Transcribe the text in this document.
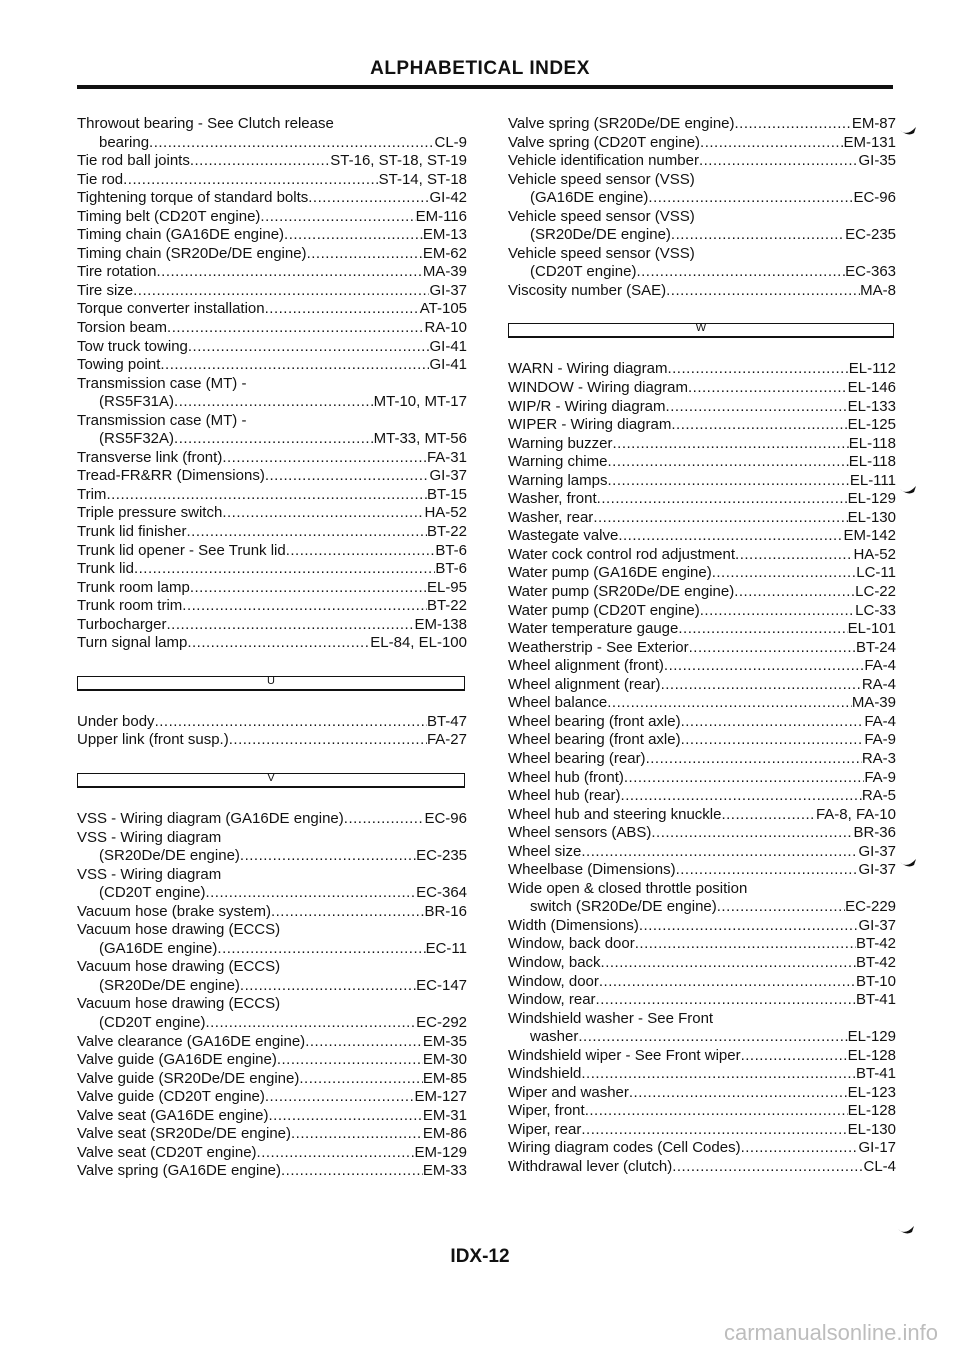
ALPHABETICAL INDEX
Throwout bearing - See Clutch release
bearing .....	CL-9
Tie rod ball joints .....	ST-16, ST-18, ST-19
Tie rod .....	ST-14, ST-18
Tightening torque of standard bolts .....	GI-42
Timing belt (CD20T engine) .....	EM-116
Timing chain (GA16DE engine) .....	EM-13
Timing chain (SR20De/DE engine) .....	EM-62
Tire rotation .....	MA-39
Tire size .....	GI-37
Torque converter installation .....	AT-105
Torsion beam .....	RA-10
Tow truck towing .....	GI-41
Towing point .....	GI-41
Transmission case (MT) -
(RS5F31A) .....	MT-10, MT-17
Transmission case (MT) -
(RS5F32A) .....	MT-33, MT-56
Transverse link (front) .....	FA-31
Tread-FR&RR (Dimensions) .....	GI-37
Trim .....	BT-15
Triple pressure switch .....	HA-52
Trunk lid finisher .....	BT-22
Trunk lid opener - See Trunk lid .....	BT-6
Trunk lid .....	BT-6
Trunk room lamp .....	EL-95
Trunk room trim .....	BT-22
Turbocharger .....	EM-138
Turn signal lamp .....	EL-84, EL-100
U
Under body .....	BT-47
Upper link (front susp.) .....	FA-27
V
VSS - Wiring diagram (GA16DE engine) .....	EC-96
VSS - Wiring diagram
(SR20De/DE engine) .....	EC-235
VSS - Wiring diagram
(CD20T engine) .....	EC-364
Vacuum hose (brake system) .....	BR-16
Vacuum hose drawing (ECCS)
(GA16DE engine) .....	EC-11
Vacuum hose drawing (ECCS)
(SR20De/DE engine) .....	EC-147
Vacuum hose drawing (ECCS)
(CD20T engine) .....	EC-292
Valve clearance (GA16DE engine) .....	EM-35
Valve guide (GA16DE engine) .....	EM-30
Valve guide (SR20De/DE engine) .....	EM-85
Valve guide (CD20T engine) .....	EM-127
Valve seat (GA16DE engine) .....	EM-31
Valve seat (SR20De/DE engine) .....	EM-86
Valve seat (CD20T engine) .....	EM-129
Valve spring (GA16DE engine) .....	EM-33
Valve spring (SR20De/DE engine) .....	EM-87
Valve spring (CD20T engine) .....	EM-131
Vehicle identification number .....	GI-35
Vehicle speed sensor (VSS)
(GA16DE engine) .....	EC-96
Vehicle speed sensor (VSS)
(SR20De/DE engine) .....	EC-235
Vehicle speed sensor (VSS)
(CD20T engine) .....	EC-363
Viscosity number (SAE) .....	MA-8
W
WARN - Wiring diagram .....	EL-112
WINDOW - Wiring diagram .....	EL-146
WIP/R - Wiring diagram .....	EL-133
WIPER - Wiring diagram .....	EL-125
Warning buzzer .....	EL-118
Warning chime .....	EL-118
Warning lamps .....	EL-111
Washer, front .....	EL-129
Washer, rear .....	EL-130
Wastegate valve .....	EM-142
Water cock control rod adjustment .....	HA-52
Water pump (GA16DE engine) .....	LC-11
Water pump (SR20De/DE engine) .....	LC-22
Water pump (CD20T engine) .....	LC-33
Water temperature gauge .....	EL-101
Weatherstrip - See Exterior .....	BT-24
Wheel alignment (front) .....	FA-4
Wheel alignment (rear) .....	RA-4
Wheel balance .....	MA-39
Wheel bearing (front axle) .....	FA-4
Wheel bearing (front axle) .....	FA-9
Wheel bearing (rear) .....	RA-3
Wheel hub (front) .....	FA-9
Wheel hub (rear) .....	RA-5
Wheel hub and steering knuckle .....	FA-8, FA-10
Wheel sensors (ABS) .....	BR-36
Wheel size .....	GI-37
Wheelbase (Dimensions) .....	GI-37
Wide open & closed throttle position
switch (SR20De/DE engine) .....	EC-229
Width (Dimensions) .....	GI-37
Window, back door .....	BT-42
Window, back .....	BT-42
Window, door .....	BT-10
Window, rear .....	BT-41
Windshield washer - See Front
washer .....	EL-129
Windshield wiper - See Front wiper .....	EL-128
Windshield .....	BT-41
Wiper and washer .....	EL-123
Wiper, front .....	EL-128
Wiper, rear .....	EL-130
Wiring diagram codes (Cell Codes) .....	GI-17
Withdrawal lever (clutch) .....	CL-4
IDX-12
carmanualsonline.info
